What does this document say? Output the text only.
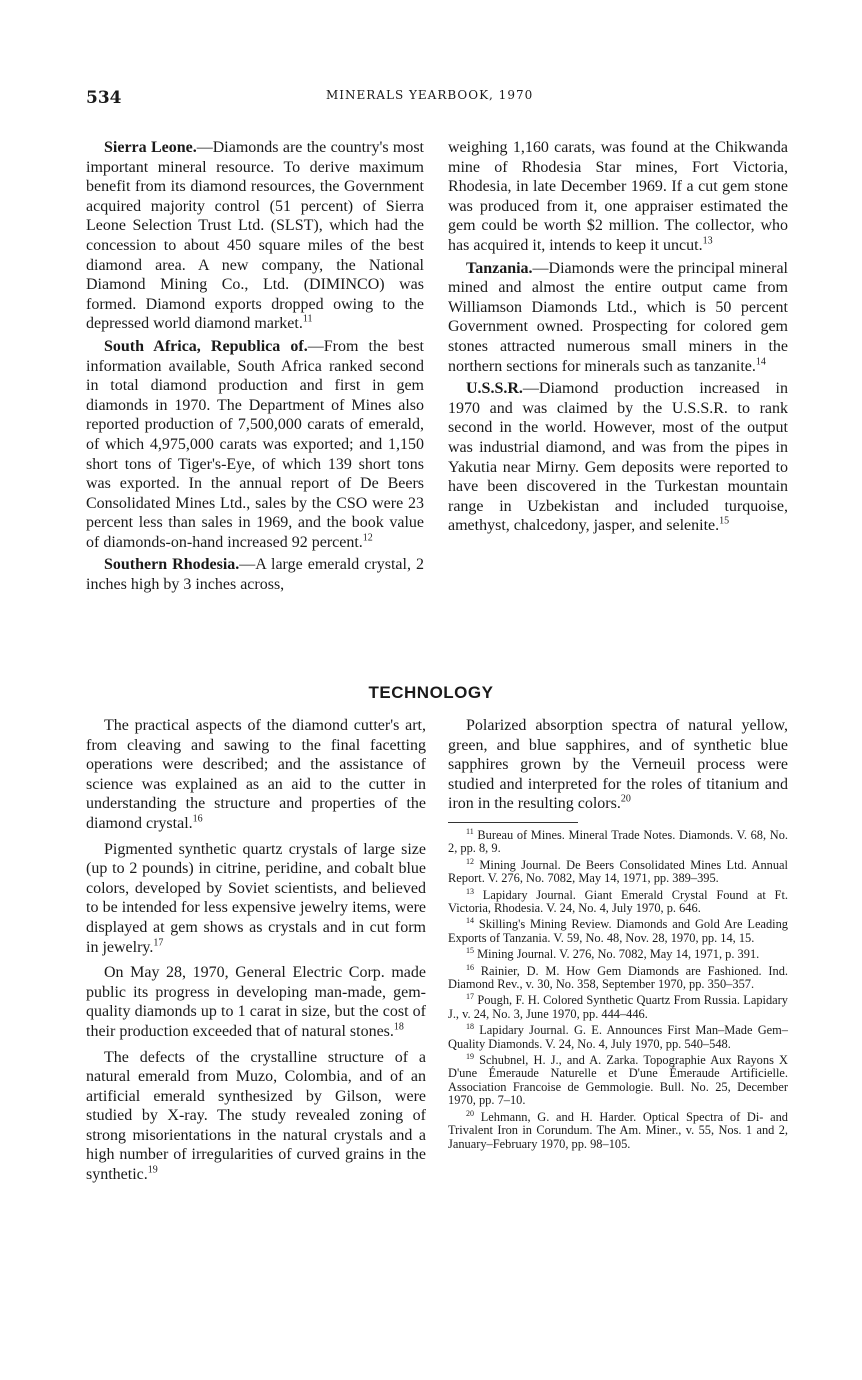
534	MINERALS YEARBOOK, 1970

Sierra Leone.—Diamonds are the country's most important mineral resource. To derive maximum benefit from its diamond resources, the Government acquired majority control (51 percent) of Sierra Leone Selection Trust Ltd. (SLST), which had the concession to about 450 square miles of the best diamond area. A new company, the National Diamond Mining Co., Ltd. (DIMINCO) was formed. Diamond exports dropped owing to the depressed world diamond market.$^{11}$

South Africa, Republica of.—From the best information available, South Africa ranked second in total diamond production and first in gem diamonds in 1970. The Department of Mines also reported production of 7,500,000 carats of emerald, of which 4,975,000 carats was exported; and 1,150 short tons of Tiger's-Eye, of which 139 short tons was exported. In the annual report of De Beers Consolidated Mines Ltd., sales by the CSO were 23 percent less than sales in 1969, and the book value of diamonds-on-hand increased 92 percent.$^{12}$

Southern Rhodesia.—A large emerald crystal, 2 inches high by 3 inches across,

weighing 1,160 carats, was found at the Chikwanda mine of Rhodesia Star mines, Fort Victoria, Rhodesia, in late December 1969. If a cut gem stone was produced from it, one appraiser estimated the gem could be worth $2 million. The collector, who has acquired it, intends to keep it uncut.$^{13}$

Tanzania.—Diamonds were the principal mineral mined and almost the entire output came from Williamson Diamonds Ltd., which is 50 percent Government owned. Prospecting for colored gem stones attracted numerous small miners in the northern sections for minerals such as tanzanite.$^{14}$

U.S.S.R.—Diamond production increased in 1970 and was claimed by the U.S.S.R. to rank second in the world. However, most of the output was industrial diamond, and was from the pipes in Yakutia near Mirny. Gem deposits were reported to have been discovered in the Turkestan mountain range in Uzbekistan and included turquoise, amethyst, chalcedony, jasper, and selenite.$^{15}$

TECHNOLOGY

The practical aspects of the diamond cutter's art, from cleaving and sawing to the final facetting operations were described; and the assistance of science was explained as an aid to the cutter in understanding the structure and properties of the diamond crystal.$^{16}$

Pigmented synthetic quartz crystals of large size (up to 2 pounds) in citrine, peridine, and cobalt blue colors, developed by Soviet scientists, and believed to be intended for less expensive jewelry items, were displayed at gem shows as crystals and in cut form in jewelry.$^{17}$

On May 28, 1970, General Electric Corp. made public its progress in developing man-made, gem-quality diamonds up to 1 carat in size, but the cost of their production exceeded that of natural stones.$^{18}$

The defects of the crystalline structure of a natural emerald from Muzo, Colombia, and of an artificial emerald synthesized by Gilson, were studied by X-ray. The study revealed zoning of strong misorientations in the natural crystals and a high number of irregularities of curved grains in the synthetic.$^{19}$

Polarized absorption spectra of natural yellow, green, and blue sapphires, and of synthetic blue sapphires grown by the Verneuil process were studied and interpreted for the roles of titanium and iron in the resulting colors.$^{20}$

$^{11}$ Bureau of Mines. Mineral Trade Notes. Diamonds. V. 68, No. 2, pp. 8, 9.

$^{12}$ Mining Journal. De Beers Consolidated Mines Ltd. Annual Report. V. 276, No. 7082, May 14, 1971, pp. 389–395.

$^{13}$ Lapidary Journal. Giant Emerald Crystal Found at Ft. Victoria, Rhodesia. V. 24, No. 4, July 1970, p. 646.

$^{14}$ Skilling's Mining Review. Diamonds and Gold Are Leading Exports of Tanzania. V. 59, No. 48, Nov. 28, 1970, pp. 14, 15.

$^{15}$ Mining Journal. V. 276, No. 7082, May 14, 1971, p. 391.

$^{16}$ Rainier, D. M. How Gem Diamonds are Fashioned. Ind. Diamond Rev., v. 30, No. 358, September 1970, pp. 350–357.

$^{17}$ Pough, F. H. Colored Synthetic Quartz From Russia. Lapidary J., v. 24, No. 3, June 1970, pp. 444–446.

$^{18}$ Lapidary Journal. G. E. Announces First Man–Made Gem–Quality Diamonds. V. 24, No. 4, July 1970, pp. 540–548.

$^{19}$ Schubnel, H. J., and A. Zarka. Topographie Aux Rayons X D'une Émeraude Naturelle et D'une Émeraude Artificielle. Association Francoise de Gemmologie. Bull. No. 25, December 1970, pp. 7–10.

$^{20}$ Lehmann, G. and H. Harder. Optical Spectra of Di- and Trivalent Iron in Corundum. The Am. Miner., v. 55, Nos. 1 and 2, January–February 1970, pp. 98–105.
